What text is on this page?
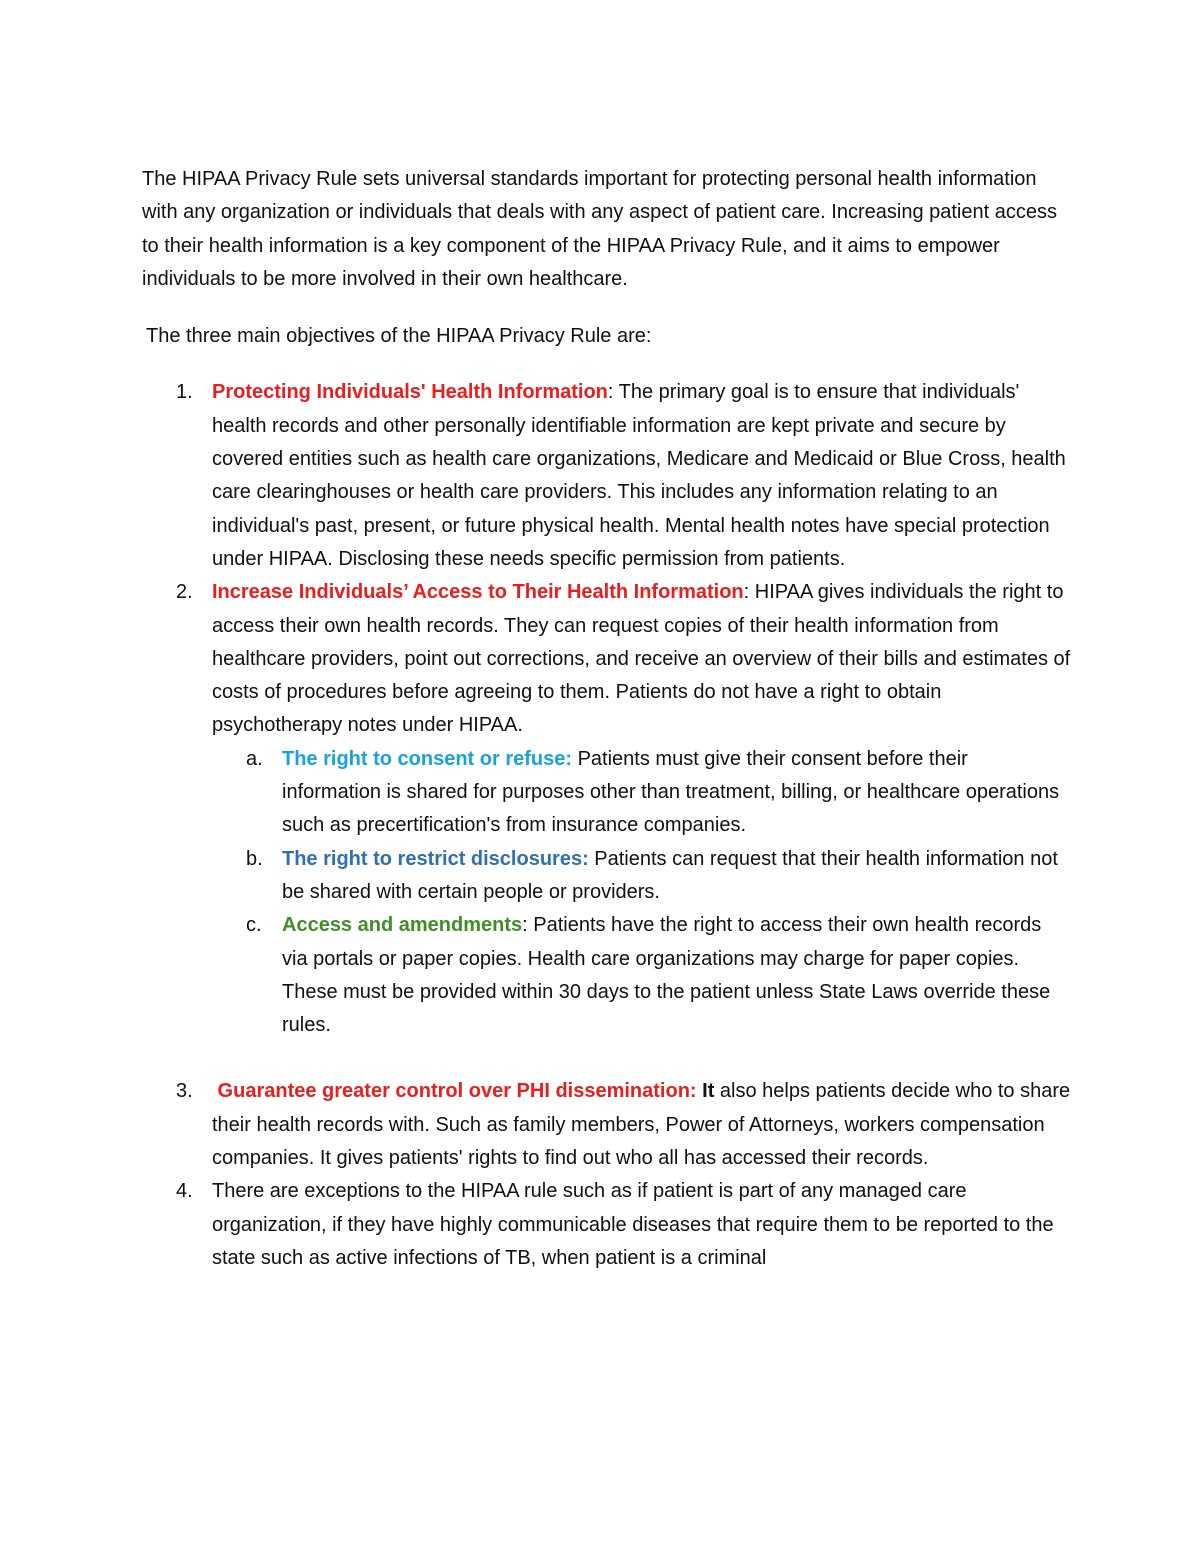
The HIPAA Privacy Rule sets universal standards important for protecting personal health information with any organization or individuals that deals with any aspect of patient care. Increasing patient access to their health information is a key component of the HIPAA Privacy Rule, and it aims to empower individuals to be more involved in their own healthcare.

The three main objectives of the HIPAA Privacy Rule are:

1. Protecting Individuals' Health Information: The primary goal is to ensure that individuals' health records and other personally identifiable information are kept private and secure by covered entities such as health care organizations, Medicare and Medicaid or Blue Cross, health care clearinghouses or health care providers. This includes any information relating to an individual's past, present, or future physical health. Mental health notes have special protection under HIPAA. Disclosing these needs specific permission from patients.
2. Increase Individuals’ Access to Their Health Information: HIPAA gives individuals the right to access their own health records. They can request copies of their health information from healthcare providers, point out corrections, and receive an overview of their bills and estimates of costs of procedures before agreeing to them. Patients do not have a right to obtain psychotherapy notes under HIPAA.
a. The right to consent or refuse: Patients must give their consent before their information is shared for purposes other than treatment, billing, or healthcare operations such as precertification's from insurance companies.
b. The right to restrict disclosures: Patients can request that their health information not be shared with certain people or providers.
c. Access and amendments: Patients have the right to access their own health records via portals or paper copies. Health care organizations may charge for paper copies. These must be provided within 30 days to the patient unless State Laws override these rules.
3. Guarantee greater control over PHI dissemination: It also helps patients decide who to share their health records with. Such as family members, Power of Attorneys, workers compensation companies. It gives patients' rights to find out who all has accessed their records.
4. There are exceptions to the HIPAA rule such as if patient is part of any managed care organization, if they have highly communicable diseases that require them to be reported to the state such as active infections of TB, when patient is a criminal
